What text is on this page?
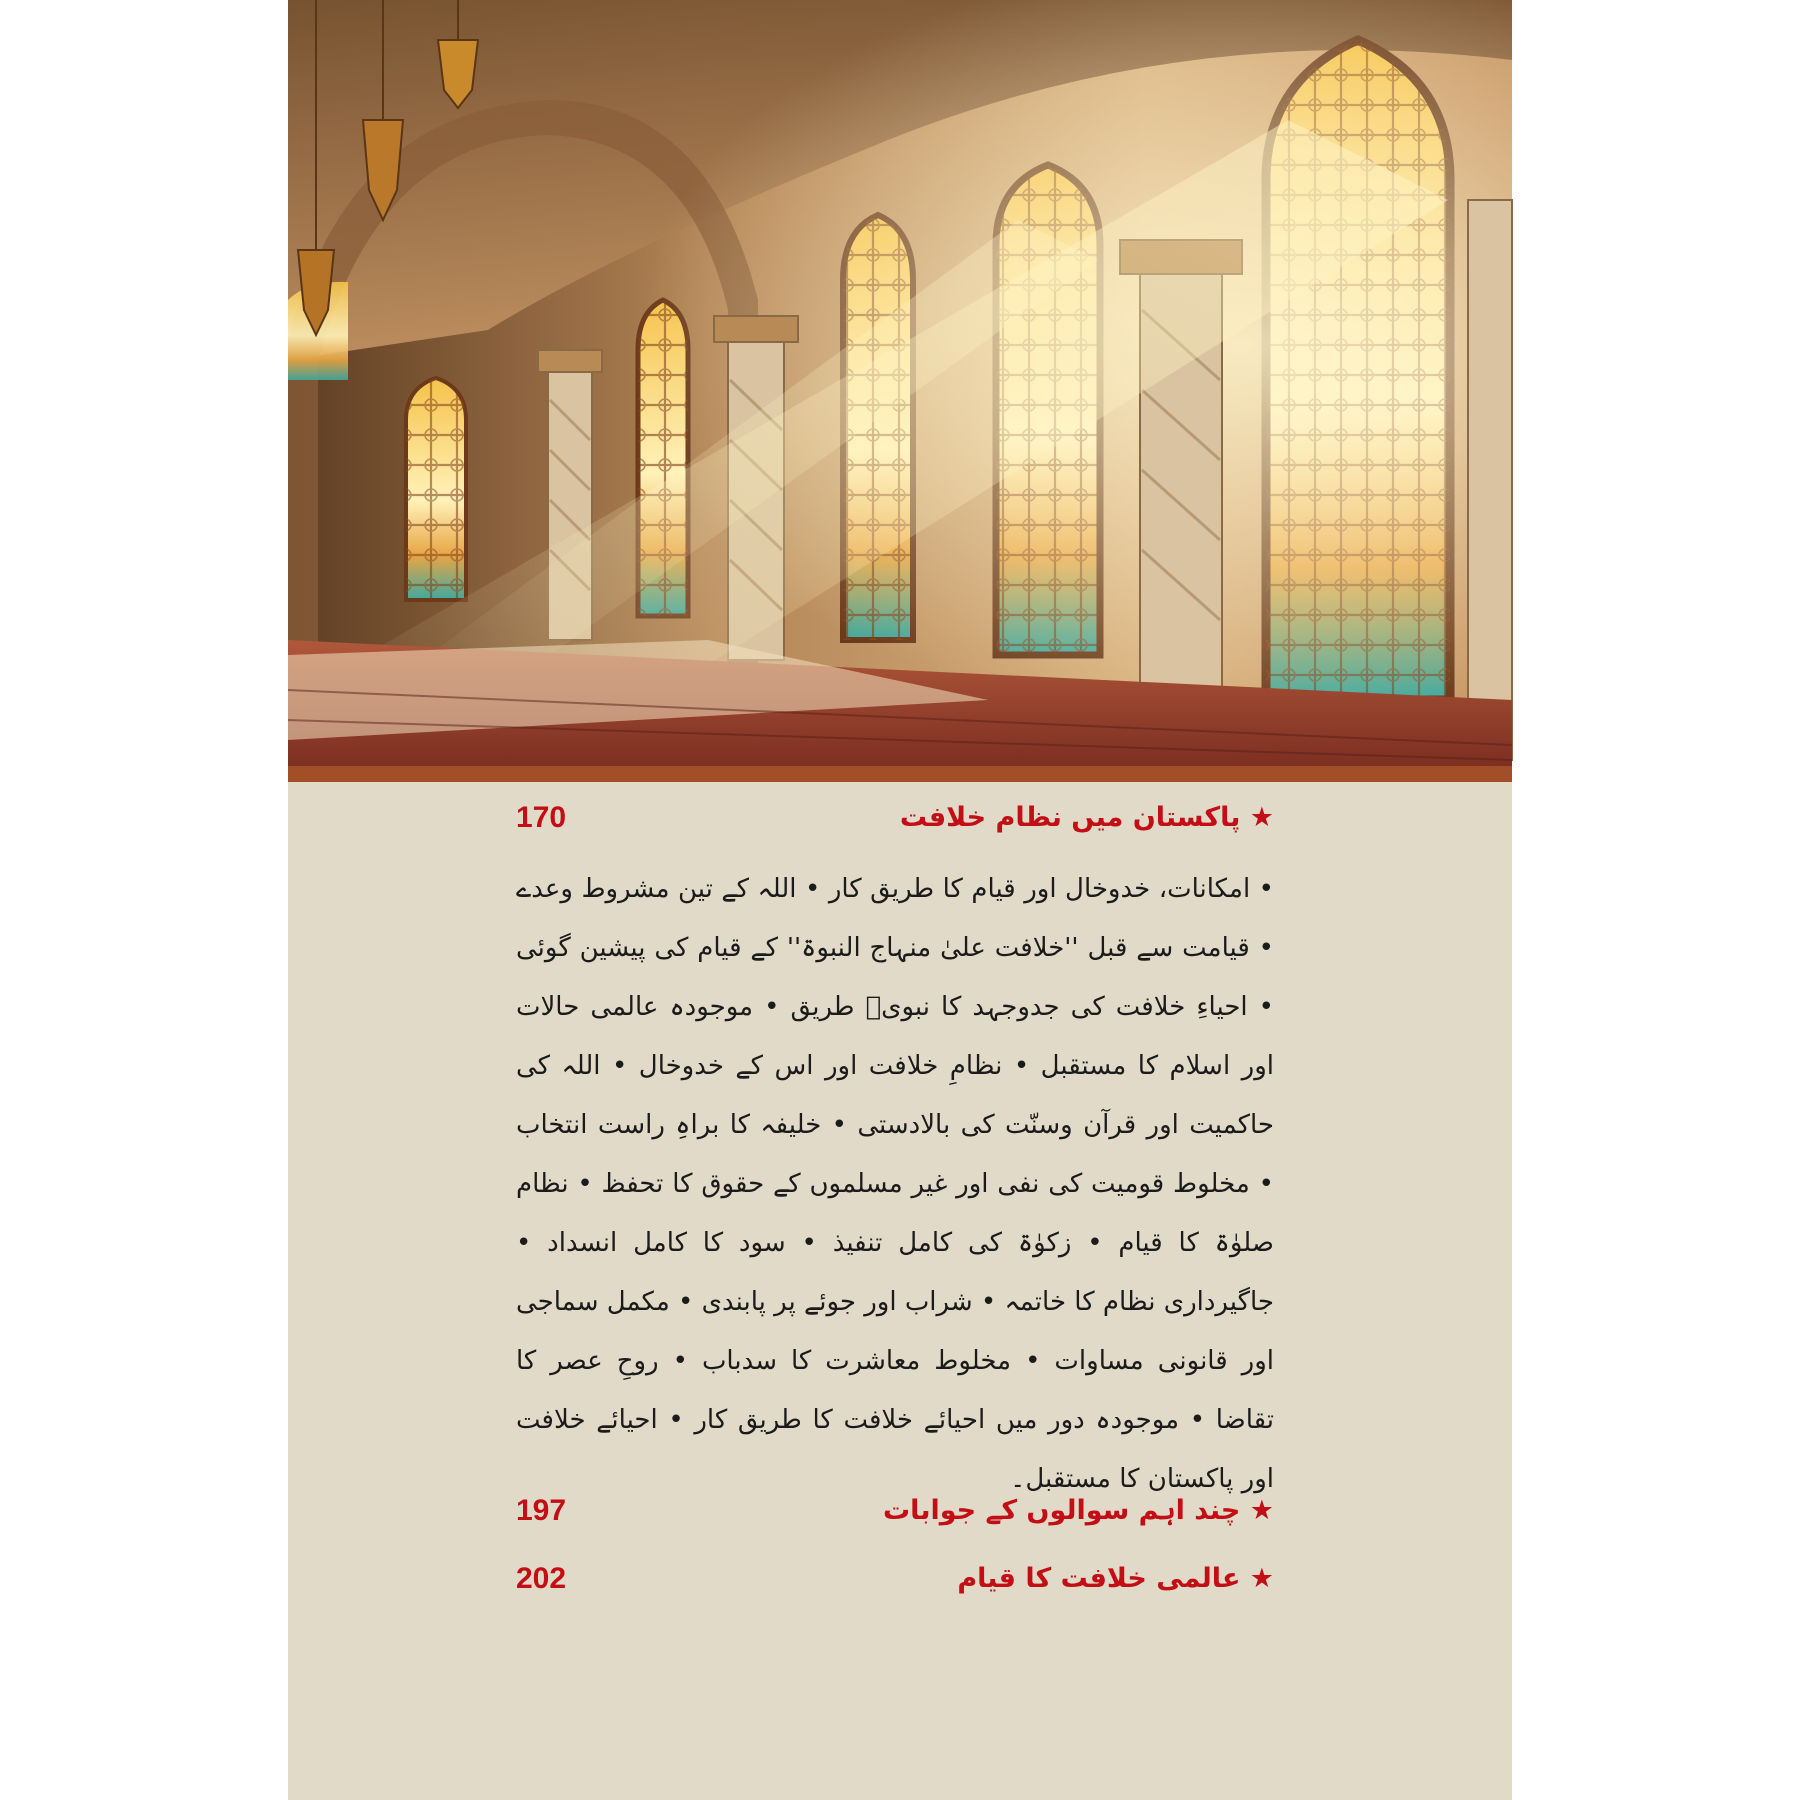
★ پاکستان میں نظام خلافت
170

• امکانات، خدوخال اور قیام کا طریق کار • اللہ کے تین مشروط وعدے • قیامت سے قبل ''خلافت علیٰ منہاج النبوۃ'' کے قیام کی پیشین گوئی • احیاءِ خلافت کی جدوجہد کا نبویؐ طریق • موجودہ عالمی حالات اور اسلام کا مستقبل • نظامِ خلافت اور اس کے خدوخال • اللہ کی حاکمیت اور قرآن وسنّت کی بالادستی • خلیفہ کا براہِ راست انتخاب • مخلوط قومیت کی نفی اور غیر مسلموں کے حقوق کا تحفظ • نظام صلوٰۃ کا قیام • زکوٰۃ کی کامل تنفیذ • سود کا کامل انسداد • جاگیرداری نظام کا خاتمہ • شراب اور جوئے پر پابندی • مکمل سماجی اور قانونی مساوات • مخلوط معاشرت کا سدباب • روحِ عصر کا تقاضا • موجودہ دور میں احیائے خلافت کا طریق کار • احیائے خلافت اور پاکستان کا مستقبل۔

★ چند اہم سوالوں کے جوابات
197
★ عالمی خلافت کا قیام
202
